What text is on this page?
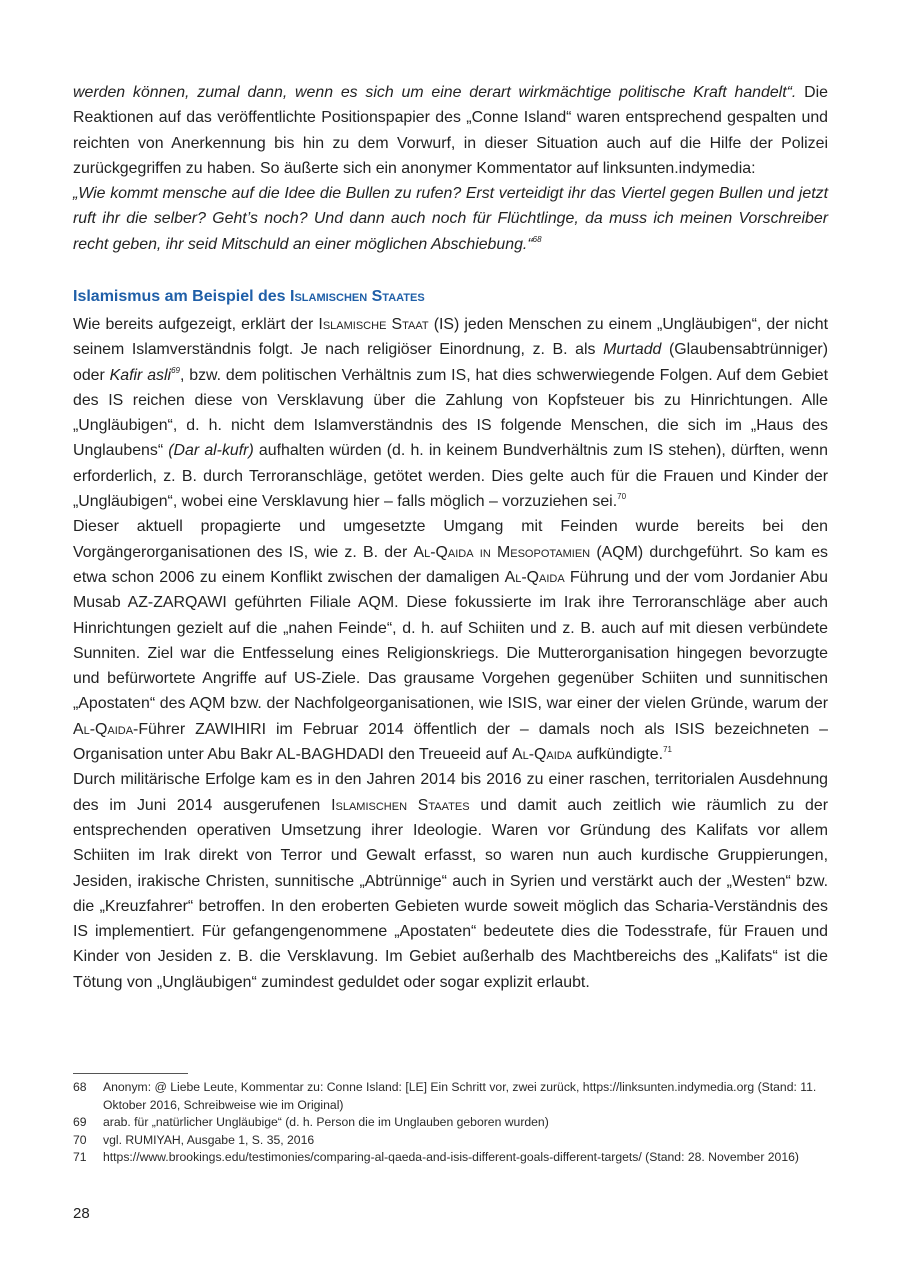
werden können, zumal dann, wenn es sich um eine derart wirkmächtige politische Kraft handelt“. Die Reaktionen auf das veröffentlichte Positionspapier des „Conne Island“ waren entsprechend gespalten und reichten von Anerkennung bis hin zu dem Vorwurf, in dieser Situation auch auf die Hilfe der Polizei zurückgegriffen zu haben. So äußerte sich ein anonymer Kommentator auf linksunten.indymedia:

„Wie kommt mensche auf die Idee die Bullen zu rufen? Erst verteidigt ihr das Viertel gegen Bullen und jetzt ruft ihr die selber? Geht’s noch? Und dann auch noch für Flüchtlinge, da muss ich meinen Vorschreiber recht geben, ihr seid Mitschuld an einer möglichen Abschiebung.“$^{68}$

Islamismus am Beispiel des Islamischen Staates

Wie bereits aufgezeigt, erklärt der Islamische Staat (IS) jeden Menschen zu einem „Ungläubigen“, der nicht seinem Islamverständnis folgt. Je nach religiöser Einordnung, z. B. als Murtadd (Glaubensabtrünniger) oder Kafir asli$^{69}$, bzw. dem politischen Verhältnis zum IS, hat dies schwerwiegende Folgen. Auf dem Gebiet des IS reichen diese von Versklavung über die Zahlung von Kopfsteuer bis zu Hinrichtungen. Alle „Ungläubigen“, d. h. nicht dem Islamverständnis des IS folgende Menschen, die sich im „Haus des Unglaubens“ (Dar al-kufr) aufhalten würden (d. h. in keinem Bundverhältnis zum IS stehen), dürften, wenn erforderlich, z. B. durch Terroranschläge, getötet werden. Dies gelte auch für die Frauen und Kinder der „Ungläubigen“, wobei eine Versklavung hier – falls möglich – vorzuziehen sei.$^{70}$

Dieser aktuell propagierte und umgesetzte Umgang mit Feinden wurde bereits bei den Vorgängerorganisationen des IS, wie z. B. der Al-Qaida in Mesopotamien (AQM) durchgeführt. So kam es etwa schon 2006 zu einem Konflikt zwischen der damaligen Al-Qaida Führung und der vom Jordanier Abu Musab AZ-ZARQAWI geführten Filiale AQM. Diese fokussierte im Irak ihre Terroranschläge aber auch Hinrichtungen gezielt auf die „nahen Feinde“, d. h. auf Schiiten und z. B. auch auf mit diesen verbündete Sunniten. Ziel war die Entfesselung eines Religionskriegs. Die Mutterorganisation hingegen bevorzugte und befürwortete Angriffe auf US-Ziele. Das grausame Vorgehen gegenüber Schiiten und sunnitischen „Apostaten“ des AQM bzw. der Nachfolgeorganisationen, wie ISIS, war einer der vielen Gründe, warum der Al-Qaida-Führer ZAWIHIRI im Februar 2014 öffentlich der – damals noch als ISIS bezeichneten – Organisation unter Abu Bakr AL-BAGHDADI den Treueeid auf Al-Qaida aufkündigte.$^{71}$

Durch militärische Erfolge kam es in den Jahren 2014 bis 2016 zu einer raschen, territorialen Ausdehnung des im Juni 2014 ausgerufenen Islamischen Staates und damit auch zeitlich wie räumlich zu der entsprechenden operativen Umsetzung ihrer Ideologie. Waren vor Gründung des Kalifats vor allem Schiiten im Irak direkt von Terror und Gewalt erfasst, so waren nun auch kurdische Gruppierungen, Jesiden, irakische Christen, sunnitische „Abtrünnige“ auch in Syrien und verstärkt auch der „Westen“ bzw. die „Kreuzfahrer“ betroffen. In den eroberten Gebieten wurde soweit möglich das Scharia-Verständnis des IS implementiert. Für gefangengenommene „Apostaten“ bedeutete dies die Todesstrafe, für Frauen und Kinder von Jesiden z. B. die Versklavung. Im Gebiet außerhalb des Machtbereichs des „Kalifats“ ist die Tötung von „Ungläubigen“ zumindest geduldet oder sogar explizit erlaubt.

68	Anonym: @ Liebe Leute, Kommentar zu: Conne Island: [LE] Ein Schritt vor, zwei zurück, https://linksunten.indymedia.org (Stand: 11. Oktober 2016, Schreibweise wie im Original)
69	arab. für „natürlicher Ungläubige“ (d. h. Person die im Unglauben geboren wurden)
70	vgl. RUMIYAH, Ausgabe 1, S. 35, 2016
71	https://www.brookings.edu/testimonies/comparing-al-qaeda-and-isis-different-goals-different-targets/ (Stand: 28. November 2016)
28
